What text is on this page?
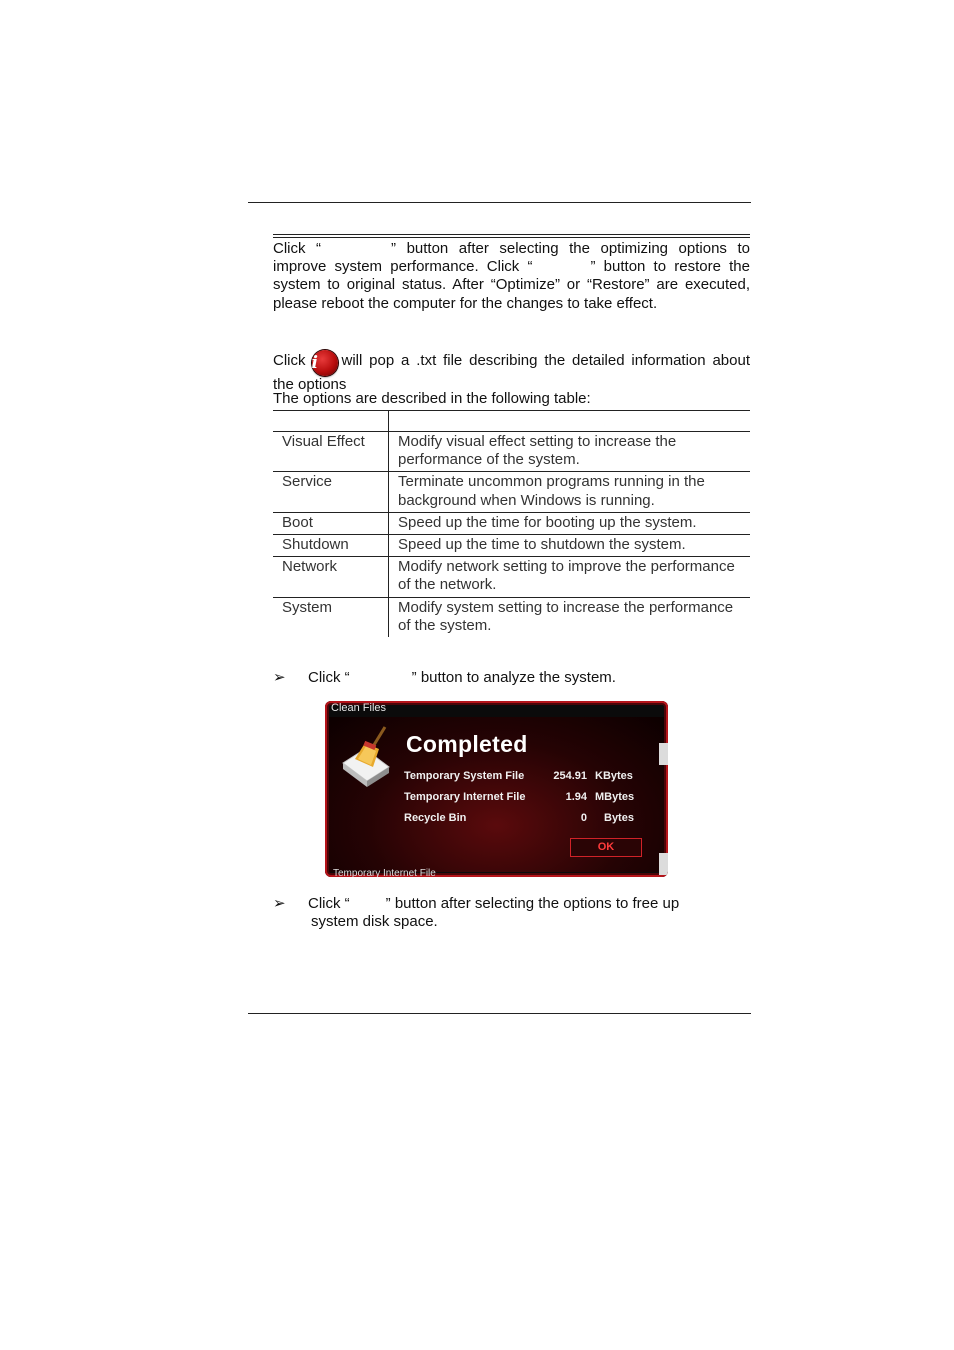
Click “	” button after selecting the optimizing options to improve system performance. Click “	” button to restore the system to original status. After “Optimize” or “Restore” are executed, please reboot the computer for the changes to take effect.
Click i will pop a .txt file describing the detailed information about the options
The options are described in the following table:

Visual Effect	Modify visual effect setting to increase the performance of the system.
Service	Terminate uncommon programs running in the background when Windows is running.
Boot	Speed up the time for booting up the system.
Shutdown	Speed up the time to shutdown the system.
Network	Modify network setting to improve the performance of the network.
System	Modify system setting to increase the performance of the system.
➢ Click “	” button to analyze the system.
Clean Files
Completed
Temporary System File	254.91 KBytes
Temporary Internet File	1.94 MBytes
Recycle Bin	0 Bytes
OK
Temporary Internet File
➢ Click “ ” button after selecting the options to free up
system disk space.
